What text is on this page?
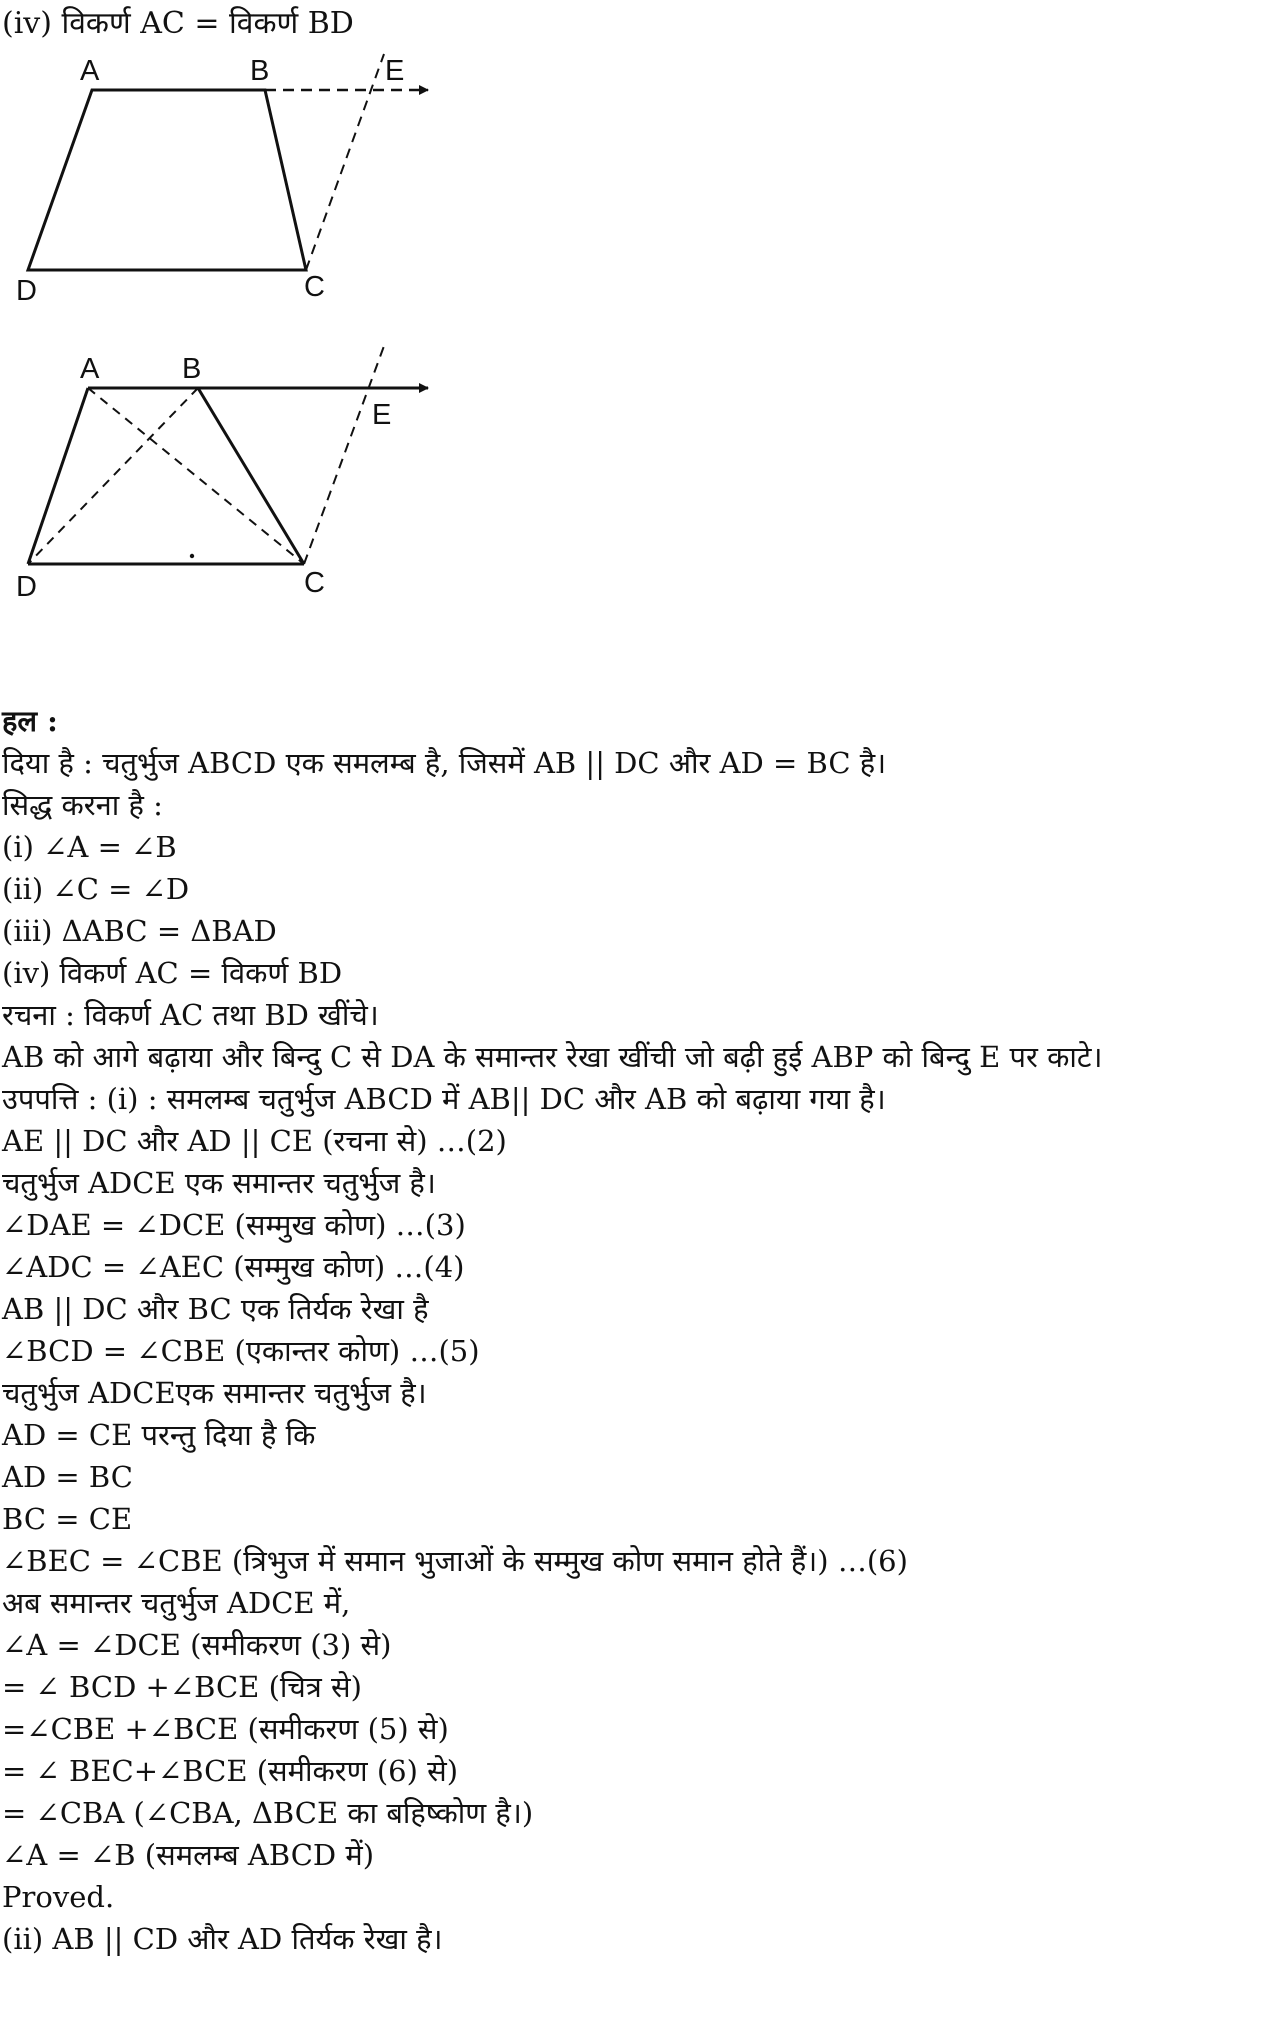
(iv) विकर्ण AC = विकर्ण BD
A	B	E
D	C
A	B
E
D	C
हल :
दिया है : चतुर्भुज ABCD एक समलम्ब है, जिसमें AB || DC और AD = BC है।
सिद्ध करना है :
(i) ∠A = ∠B
(ii) ∠C = ∠D
(iii) ΔABC = ΔBAD
(iv) विकर्ण AC = विकर्ण BD
रचना : विकर्ण AC तथा BD खींचे।
AB को आगे बढ़ाया और बिन्दु C से DA के समान्तर रेखा खींची जो बढ़ी हुई ABP को बिन्दु E पर काटे।
उपपत्ति : (i) : समलम्ब चतुर्भुज ABCD में AB|| DC और AB को बढ़ाया गया है।
AE || DC और AD || CE (रचना से) …(2)
चतुर्भुज ADCE एक समान्तर चतुर्भुज है।
∠DAE = ∠DCE (सम्मुख कोण) …(3)
∠ADC = ∠AEC (सम्मुख कोण) …(4)
AB || DC और BC एक तिर्यक रेखा है
∠BCD = ∠CBE (एकान्तर कोण) …(5)
चतुर्भुज ADCEएक समान्तर चतुर्भुज है।
AD = CE परन्तु दिया है कि
AD = BC
BC = CE
∠BEC = ∠CBE (त्रिभुज में समान भुजाओं के सम्मुख कोण समान होते हैं।) …(6)
अब समान्तर चतुर्भुज ADCE में,
∠A = ∠DCE (समीकरण (3) से)
= ∠ BCD +∠BCE (चित्र से)
=∠CBE +∠BCE (समीकरण (5) से)
= ∠ BEC+∠BCE (समीकरण (6) से)
= ∠CBA (∠CBA, ΔBCE का बहिष्कोण है।)
∠A = ∠B (समलम्ब ABCD में)
Proved.
(ii) AB || CD और AD तिर्यक रेखा है।
